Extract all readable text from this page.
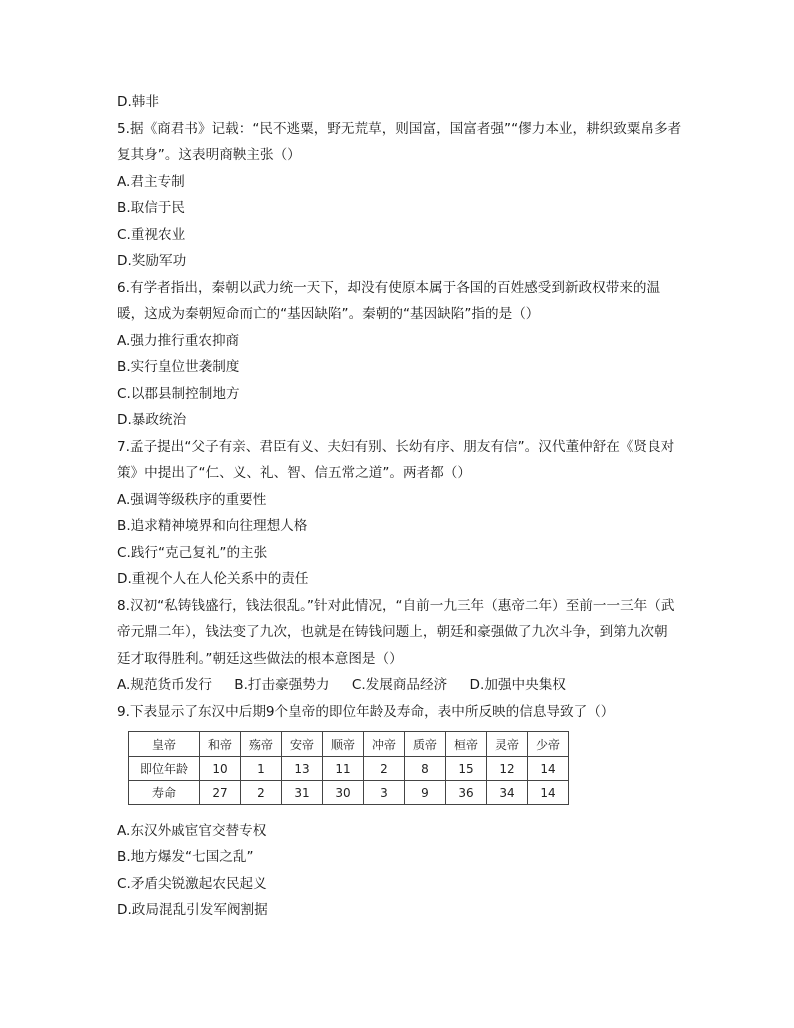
D.韩非
5.据《商君书》记载：“民不逃粟，野无荒草，则国富，国富者强”“僇力本业，耕织致粟帛多者
复其身”。这表明商鞅主张（）
A.君主专制
B.取信于民
C.重视农业
D.奖励军功
6.有学者指出，秦朝以武力统一天下，却没有使原本属于各国的百姓感受到新政权带来的温
暖，这成为秦朝短命而亡的“基因缺陷”。秦朝的“基因缺陷”指的是（）
A.强力推行重农抑商
B.实行皇位世袭制度
C.以郡县制控制地方
D.暴政统治
7.孟子提出“父子有亲、君臣有义、夫妇有别、长幼有序、朋友有信”。汉代董仲舒在《贤良对
策》中提出了“仁、义、礼、智、信五常之道”。两者都（）
A.强调等级秩序的重要性
B.追求精神境界和向往理想人格
C.践行“克己复礼”的主张
D.重视个人在人伦关系中的责任
8.汉初“私铸钱盛行，钱法很乱。”针对此情况，“自前一九三年（惠帝二年）至前一一三年（武
帝元鼎二年），钱法变了九次，也就是在铸钱问题上，朝廷和豪强做了九次斗争，到第九次朝
廷才取得胜利。”朝廷这些做法的根本意图是（）
A.规范货币发行 B.打击豪强势力 C.发展商品经济 D.加强中央集权
9.下表显示了东汉中后期9个皇帝的即位年龄及寿命，表中所反映的信息导致了（）
皇帝	和帝	殇帝	安帝	顺帝	冲帝	质帝	桓帝	灵帝	少帝
即位年龄	10	1	13	11	2	8	15	12	14
寿命	27	2	31	30	3	9	36	34	14
A.东汉外戚宦官交替专权
B.地方爆发“七国之乱”
C.矛盾尖锐激起农民起义
D.政局混乱引发军阀割据
